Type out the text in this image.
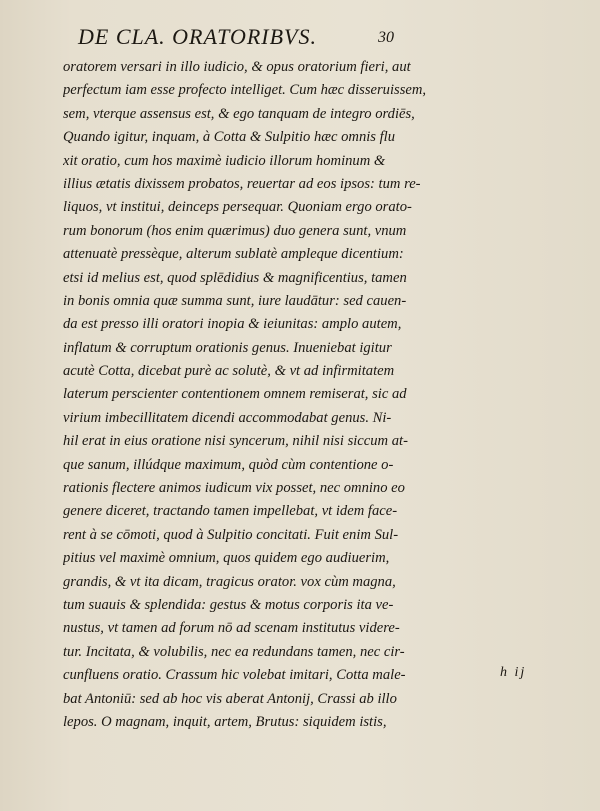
DE CLA. ORATORIBVS.	30
oratorem versari in illo iudicio, & opus oratorium fieri, aut
perfectum iam esse profecto intelliget. Cum hæc disseruissem,
sem, vterque assensus est, & ego tanquam de integro ordiēs,
Quando igitur, inquam, à Cotta & Sulpitio hæc omnis flu
xit oratio, cum hos maximè iudicio illorum hominum &
illius ætatis dixissem probatos, reuertar ad eos ipsos: tum re-
liquos, vt institui, deinceps persequar. Quoniam ergo orato-
rum bonorum (hos enim quærimus) duo genera sunt, vnum
attenuatè pressèque, alterum sublatè ampleque dicentium:
etsi id melius est, quod splēdidius & magnificentius, tamen
in bonis omnia quæ summa sunt, iure laudātur: sed cauen-
da est presso illi oratori inopia & ieiunitas: amplo autem,
inflatum & corruptum orationis genus. Inueniebat igitur
acutè Cotta, dicebat purè ac solutè, & vt ad infirmitatem
laterum perscienter contentionem omnem remiserat, sic ad
virium imbecillitatem dicendi accommodabat genus. Ni-
hil erat in eius oratione nisi syncerum, nihil nisi siccum at-
que sanum, illúdque maximum, quòd cùm contentione o-
rationis flectere animos iudicum vix posset, nec omnino eo
genere diceret, tractando tamen impellebat, vt idem face-
rent à se cōmoti, quod à Sulpitio concitati. Fuit enim Sul-
pitius vel maximè omnium, quos quidem ego audiuerim,
grandis, & vt ita dicam, tragicus orator. vox cùm magna,
tum suauis & splendida: gestus & motus corporis ita ve-
nustus, vt tamen ad forum nō ad scenam institutus videre-
tur. Incitata, & volubilis, nec ea redundans tamen, nec cir-
cunfluens oratio. Crassum hic volebat imitari, Cotta male-
bat Antoniū: sed ab hoc vis aberat Antonij, Crassi ab illo
lepos. O magnam, inquit, artem, Brutus: siquidem istis,
h ij
